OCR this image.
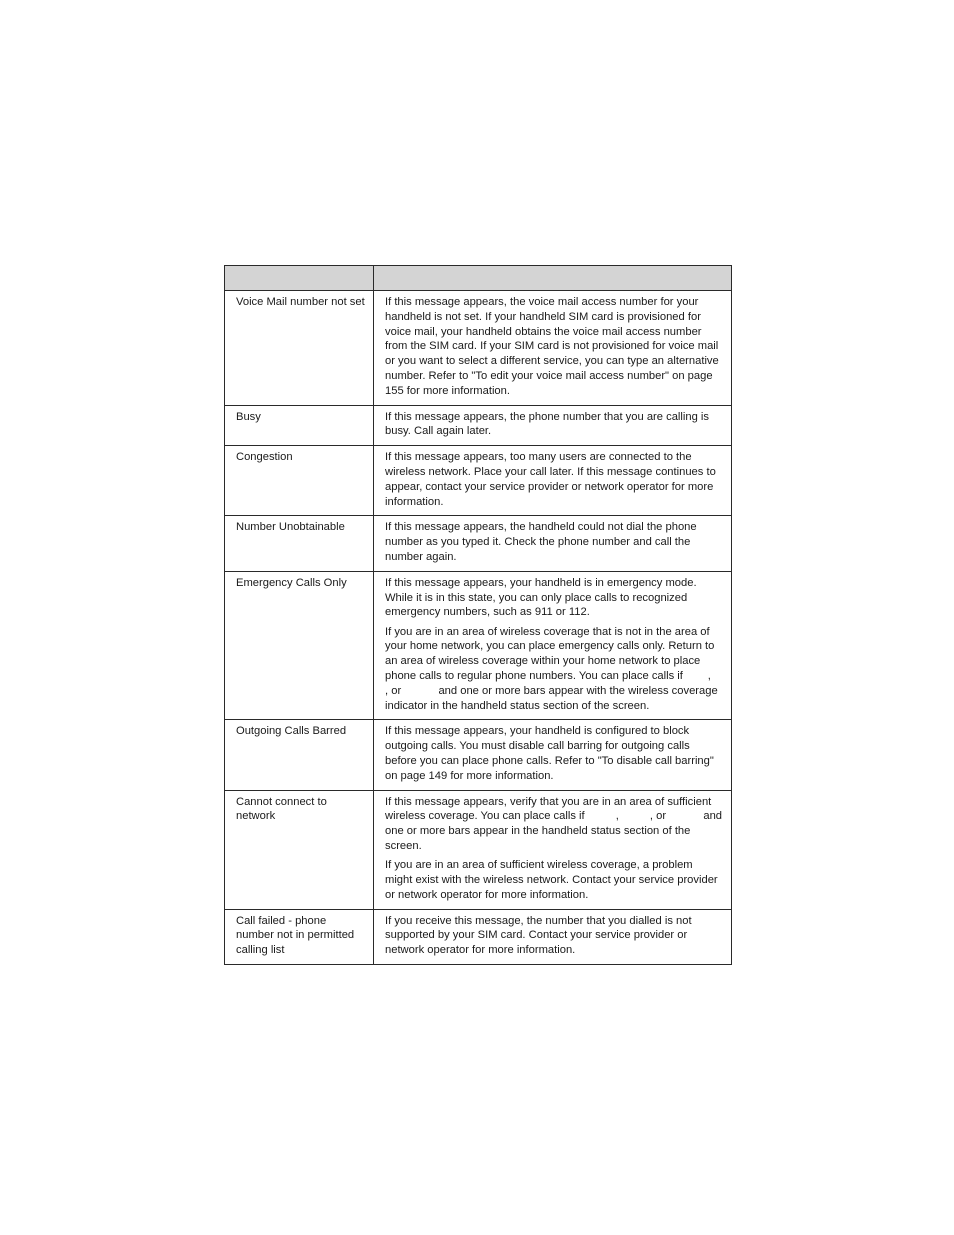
Voice Mail number not set	If this message appears, the voice mail access number for your handheld is not set. If your handheld SIM card is provisioned for voice mail, your handheld obtains the voice mail access number from the SIM card. If your SIM card is not provisioned for voice mail or you want to select a different service, you can type an alternative number. Refer to "To edit your voice mail access number" on page 155 for more information.

Busy	If this message appears, the phone number that you are calling is busy. Call again later.

Congestion	If this message appears, too many users are connected to the wireless network. Place your call later. If this message continues to appear, contact your service provider or network operator for more information.

Number Unobtainable	If this message appears, the handheld could not dial the phone number as you typed it. Check the phone number and call the number again.

Emergency Calls Only	If this message appears, your handheld is in emergency mode. While it is in this state, you can only place calls to recognized emergency numbers, such as 911 or 112.

If you are in an area of wireless coverage that is not in the area of your home network, you can place emergency calls only. Return to an area of wireless coverage within your home network to place phone calls to regular phone numbers. You can place calls if        ,          , or            and one or more bars appear with the wireless coverage indicator in the handheld status section of the screen.

Outgoing Calls Barred	If this message appears, your handheld is configured to block outgoing calls. You must disable call barring for outgoing calls before you can place phone calls. Refer to "To disable call barring" on page 149 for more information.

Cannot connect to network	If this message appears, verify that you are in an area of sufficient wireless coverage. You can place calls if          ,          , or            and one or more bars appear in the handheld status section of the screen.

If you are in an area of sufficient wireless coverage, a problem might exist with the wireless network. Contact your service provider or network operator for more information.

Call failed - phone number not in permitted calling list	If you receive this message, the number that you dialled is not supported by your SIM card. Contact your service provider or network operator for more information.
